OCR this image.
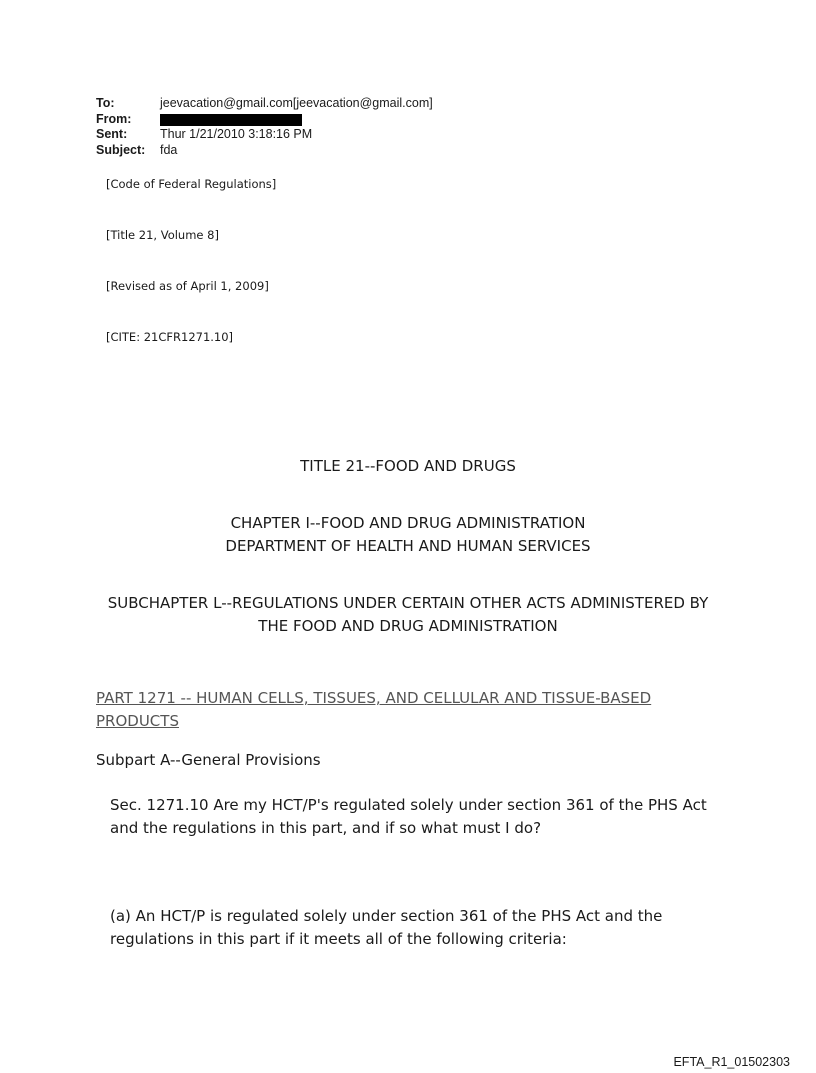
To:	jeevacation@gmail.com[jeevacation@gmail.com]
From:
Sent:	Thur 1/21/2010 3:18:16 PM
Subject:	fda
[Code of Federal Regulations]
[Title 21, Volume 8]
[Revised as of April 1, 2009]
[CITE: 21CFR1271.10]
TITLE 21--FOOD AND DRUGS
CHAPTER I--FOOD AND DRUG ADMINISTRATION
DEPARTMENT OF HEALTH AND HUMAN SERVICES
SUBCHAPTER L--REGULATIONS UNDER CERTAIN OTHER ACTS ADMINISTERED BY
THE FOOD AND DRUG ADMINISTRATION
PART 1271 -- HUMAN CELLS, TISSUES, AND CELLULAR AND TISSUE-BASED PRODUCTS
Subpart A--General Provisions
Sec. 1271.10 Are my HCT/P's regulated solely under section 361 of the PHS Act and the regulations in this part, and if so what must I do?
(a) An HCT/P is regulated solely under section 361 of the PHS Act and the regulations in this part if it meets all of the following criteria:
EFTA_R1_01502303
